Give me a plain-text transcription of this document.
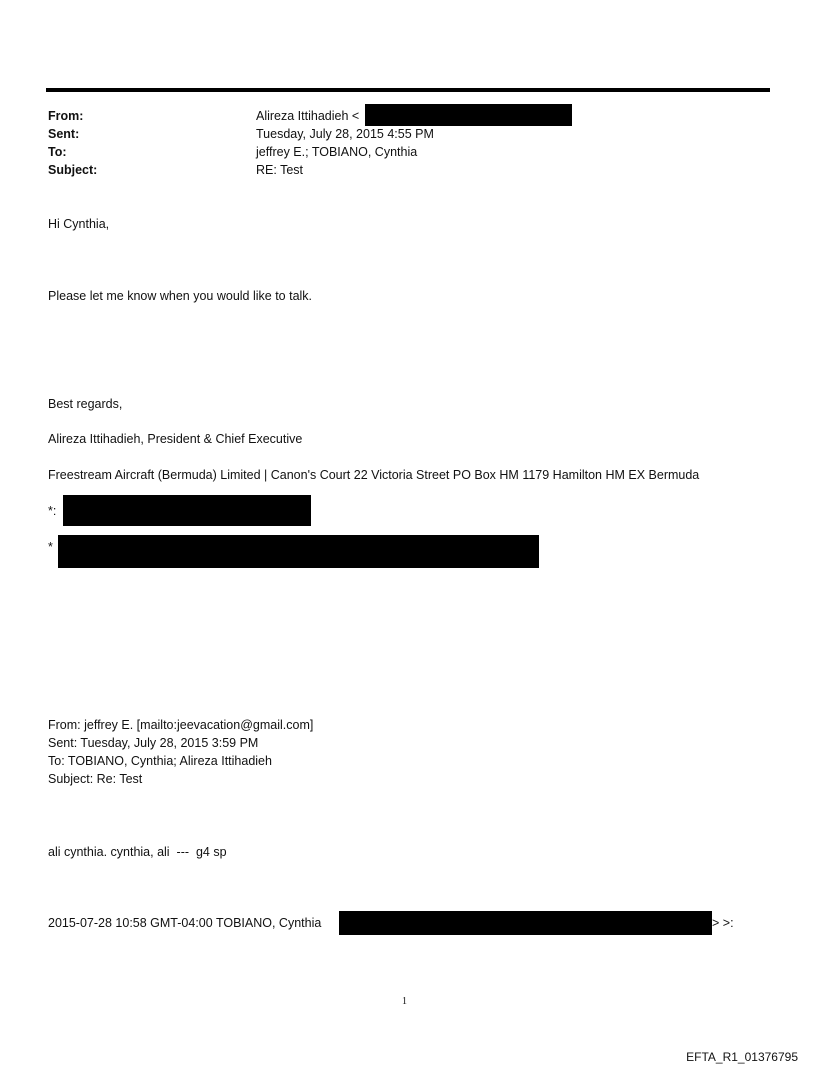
From:	Alireza Ittihadieh <
Sent:	Tuesday, July 28, 2015 4:55 PM
To:	jeffrey E.; TOBIANO, Cynthia
Subject:	RE: Test
Hi Cynthia,
Please let me know when you would like to talk.
Best regards,
Alireza Ittihadieh, President & Chief Executive
Freestream Aircraft (Bermuda) Limited | Canon's Court 22 Victoria Street PO Box HM 1179 Hamilton HM EX Bermuda
*:
*
From: jeffrey E. [mailto:jeevacation@gmail.com]
Sent: Tuesday, July 28, 2015 3:59 PM
To: TOBIANO, Cynthia; Alireza Ittihadieh
Subject: Re: Test
ali cynthia. cynthia, ali  ---  g4 sp
2015-07-28 10:58 GMT-04:00 TOBIANO, Cynthia	> >:
1
EFTA_R1_01376795
